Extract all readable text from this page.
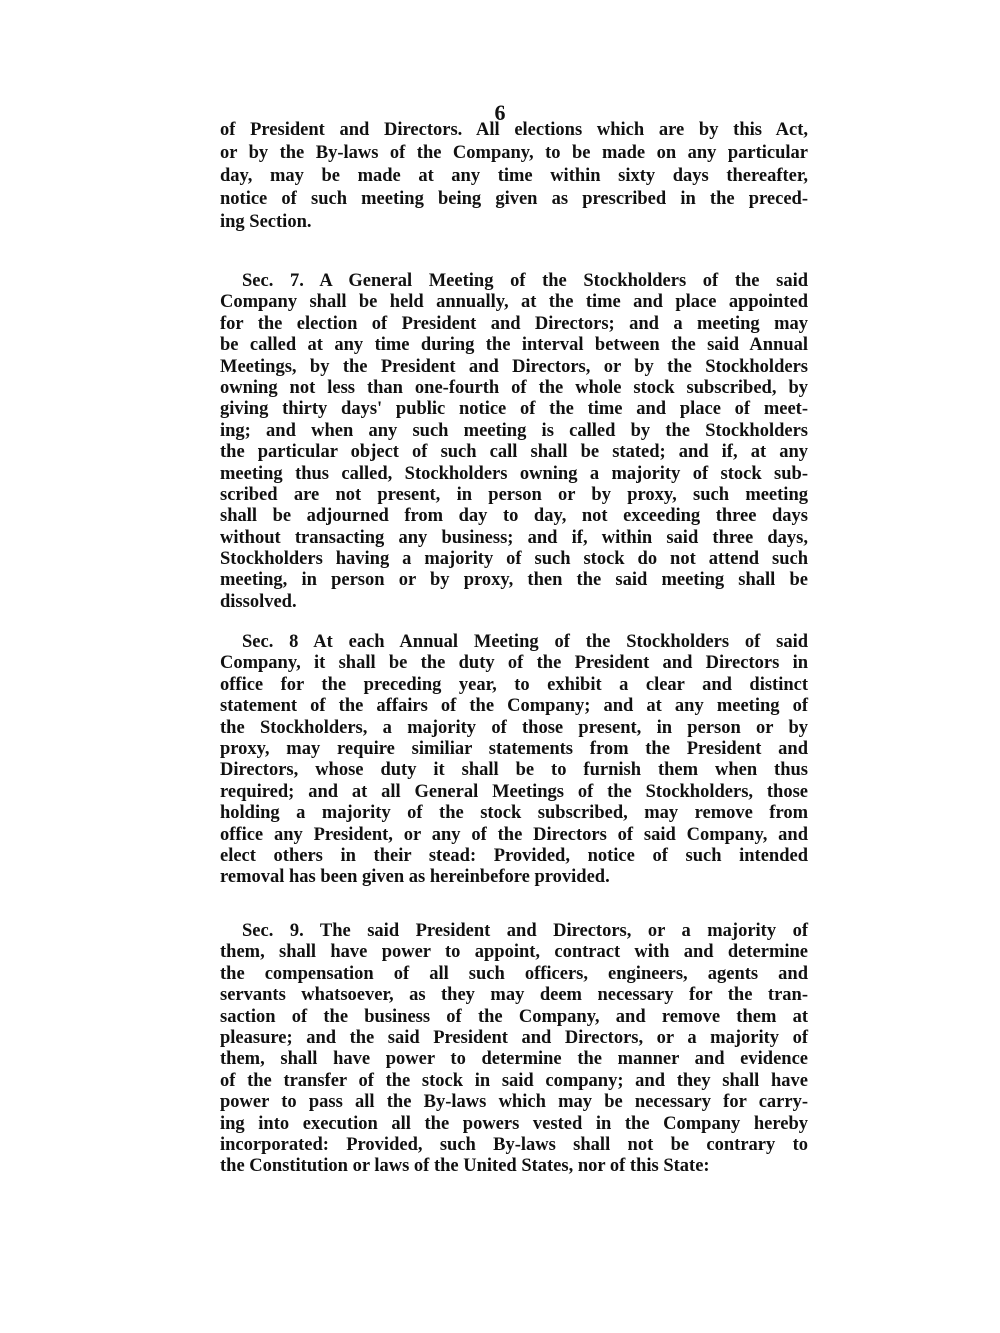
6
of President and Directors. All elections which are by this Act,
or by the By-laws of the Company, to be made on any particular
day, may be made at any time within sixty days thereafter,
notice of such meeting being given as prescribed in the preced-
ing Section.
Sec. 7. A General Meeting of the Stockholders of the said
Company shall be held annually, at the time and place appointed
for the election of President and Directors; and a meeting may
be called at any time during the interval between the said Annual
Meetings, by the President and Directors, or by the Stockholders
owning not less than one-fourth of the whole stock subscribed, by
giving thirty days' public notice of the time and place of meet-
ing; and when any such meeting is called by the Stockholders
the particular object of such call shall be stated; and if, at any
meeting thus called, Stockholders owning a majority of stock sub-
scribed are not present, in person or by proxy, such meeting
shall be adjourned from day to day, not exceeding three days
without transacting any business; and if, within said three days,
Stockholders having a majority of such stock do not attend such
meeting, in person or by proxy, then the said meeting shall be
dissolved.
Sec. 8 At each Annual Meeting of the Stockholders of said
Company, it shall be the duty of the President and Directors in
office for the preceding year, to exhibit a clear and distinct
statement of the affairs of the Company; and at any meeting of
the Stockholders, a majority of those present, in person or by
proxy, may require similiar statements from the President and
Directors, whose duty it shall be to furnish them when thus
required; and at all General Meetings of the Stockholders, those
holding a majority of the stock subscribed, may remove from
office any President, or any of the Directors of said Company, and
elect others in their stead: Provided, notice of such intended
removal has been given as hereinbefore provided.
Sec. 9. The said President and Directors, or a majority of
them, shall have power to appoint, contract with and determine
the compensation of all such officers, engineers, agents and
servants whatsoever, as they may deem necessary for the tran-
saction of the business of the Company, and remove them at
pleasure; and the said President and Directors, or a majority of
them, shall have power to determine the manner and evidence
of the transfer of the stock in said company; and they shall have
power to pass all the By-laws which may be necessary for carry-
ing into execution all the powers vested in the Company hereby
incorporated: Provided, such By-laws shall not be contrary to
the Constitution or laws of the United States, nor of this State:
